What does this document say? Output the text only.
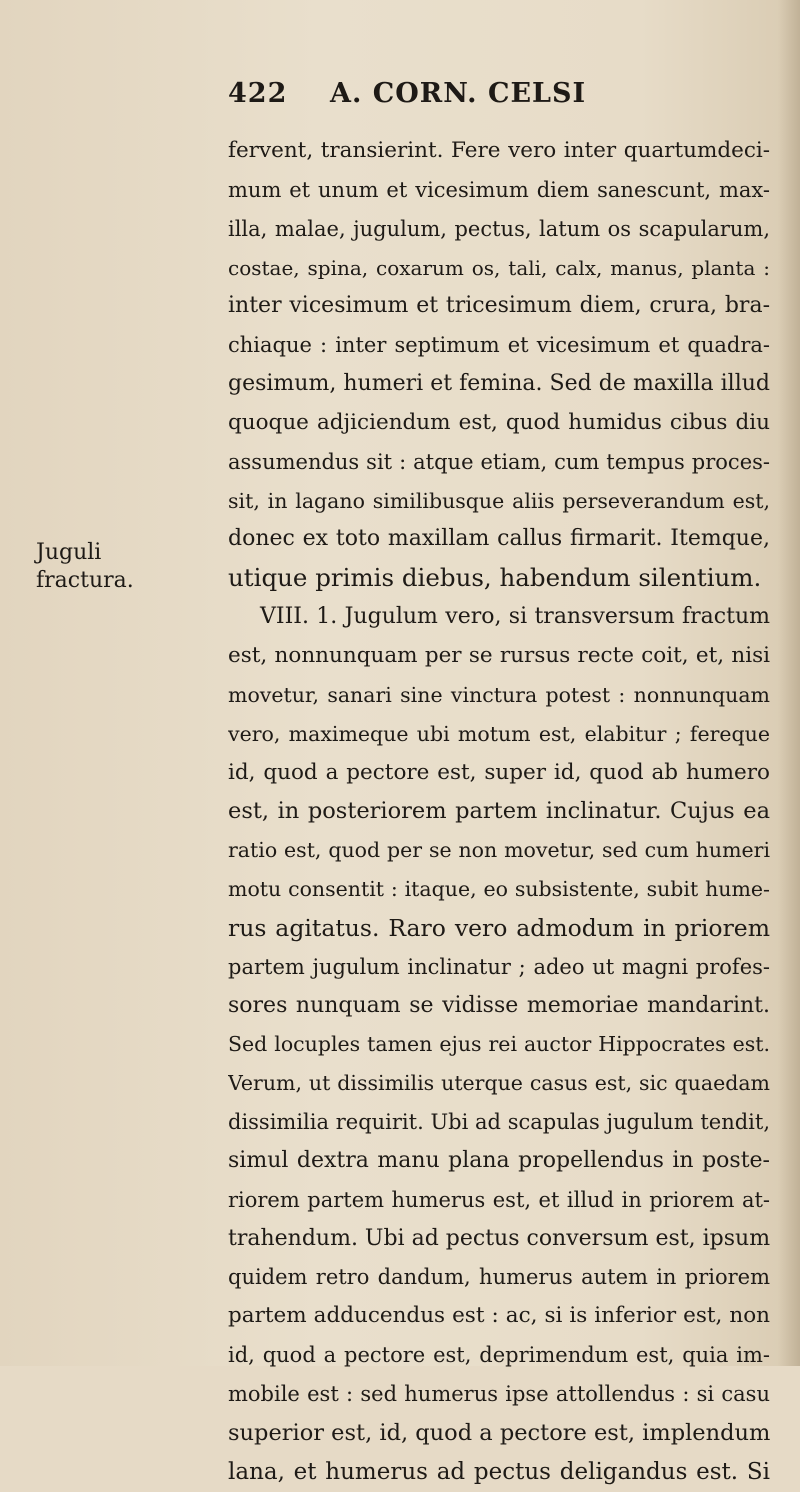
422 A. CORN. CELSI
Juguli
fractura.
fervent, transierint. Fere vero inter quartumdeci-
mum et unum et vicesimum diem sanescunt, max-
illa, malae, jugulum, pectus, latum os scapularum,
costae, spina, coxarum os, tali, calx, manus, planta :
inter vicesimum et tricesimum diem, crura, bra-
chiaque : inter septimum et vicesimum et quadra-
gesimum, humeri et femina. Sed de maxilla illud
quoque adjiciendum est, quod humidus cibus diu
assumendus sit : atque etiam, cum tempus proces-
sit, in lagano similibusque aliis perseverandum est,
donec ex toto maxillam callus firmarit. Itemque,
utique primis diebus, habendum silentium.
VIII. 1. Jugulum vero, si transversum fractum
est, nonnunquam per se rursus recte coit, et, nisi
movetur, sanari sine vinctura potest : nonnunquam
vero, maximeque ubi motum est, elabitur ; fereque
id, quod a pectore est, super id, quod ab humero
est, in posteriorem partem inclinatur. Cujus ea
ratio est, quod per se non movetur, sed cum humeri
motu consentit : itaque, eo subsistente, subit hume-
rus agitatus. Raro vero admodum in priorem
partem jugulum inclinatur ; adeo ut magni profes-
sores nunquam se vidisse memoriae mandarint.
Sed locuples tamen ejus rei auctor Hippocrates est.
Verum, ut dissimilis uterque casus est, sic quaedam
dissimilia requirit. Ubi ad scapulas jugulum tendit,
simul dextra manu plana propellendus in poste-
riorem partem humerus est, et illud in priorem at-
trahendum. Ubi ad pectus conversum est, ipsum
quidem retro dandum, humerus autem in priorem
partem adducendus est : ac, si is inferior est, non
id, quod a pectore est, deprimendum est, quia im-
mobile est : sed humerus ipse attollendus : si casu
superior est, id, quod a pectore est, implendum
lana, et humerus ad pectus deligandus est. Si
